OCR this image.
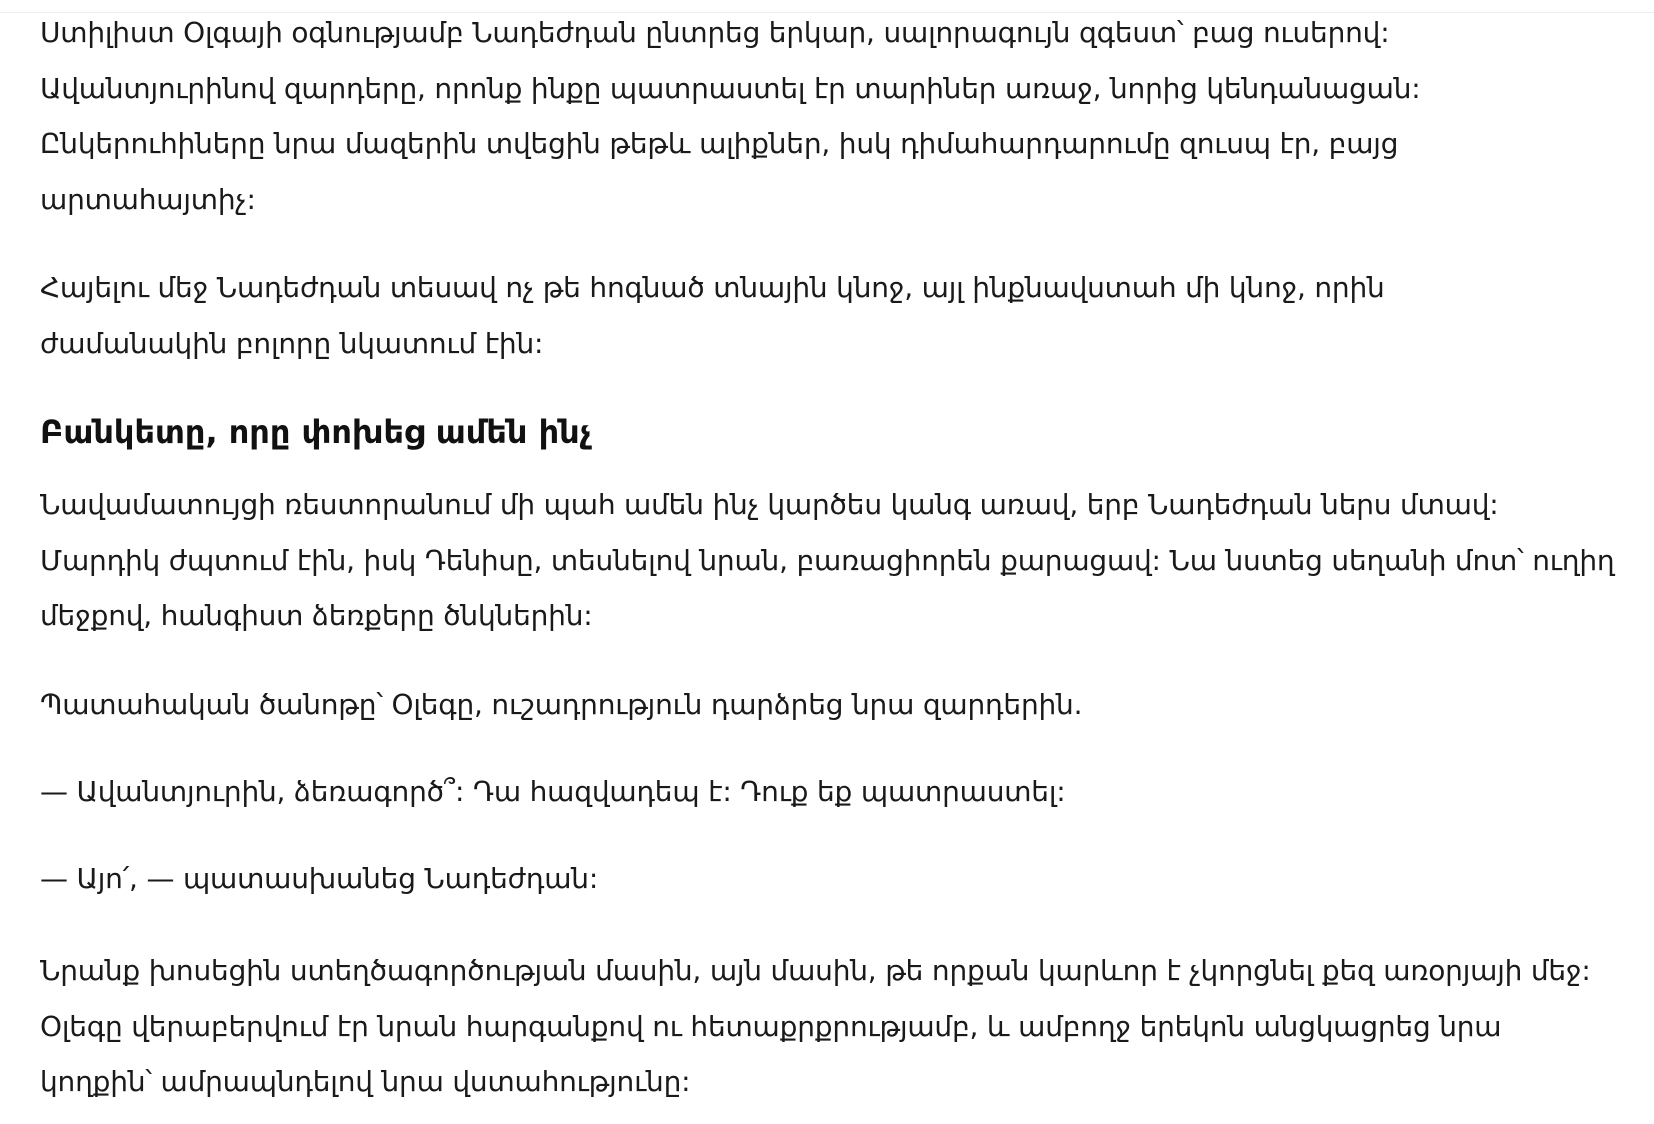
Ստիլիստ Օլգայի օգնությամբ Նադեժդան ընտրեց երկար, սալորագույն զգեստ՝ բաց ուսերով: Ավանտյուրինով զարդերը, որոնք ինքը պատրաստել էր տարիներ առաջ, նորից կենդանացան: Ընկերուհիները նրա մազերին տվեցին թեթև ալիքներ, իսկ դիմահարդարումը զուսպ էր, բայց արտահայտիչ:

Հայելու մեջ Նադեժդան տեսավ ոչ թե հոգնած տնային կնոջ, այլ ինքնավստահ մի կնոջ, որին ժամանակին բոլորը նկատում էին:

Բանկետը, որը փոխեց ամեն ինչ

Նավամատույցի ռեստորանում մի պահ ամեն ինչ կարծես կանգ առավ, երբ Նադեժդան ներս մտավ: Մարդիկ ժպտում էին, իսկ Դենիսը, տեսնելով նրան, բառացիորեն քարացավ: Նա նստեց սեղանի մոտ՝ ուղիղ մեջքով, հանգիստ ձեռքերը ծնկներին:

Պատահական ծանոթը՝ Օլեգը, ուշադրություն դարձրեց նրա զարդերին.

— Ավանտյուրին, ձեռագործ՞: Դա հազվադեպ է: Դուք եք պատրաստել:

— Այո՛, — պատասխանեց Նադեժդան:

Նրանք խոսեցին ստեղծագործության մասին, այն մասին, թե որքան կարևոր է չկորցնել քեզ առօրյայի մեջ: Օլեգը վերաբերվում էր նրան հարգանքով ու հետաքրքրությամբ, և ամբողջ երեկոն անցկացրեց նրա կողքին՝ ամրապնդելով նրա վստահությունը:
